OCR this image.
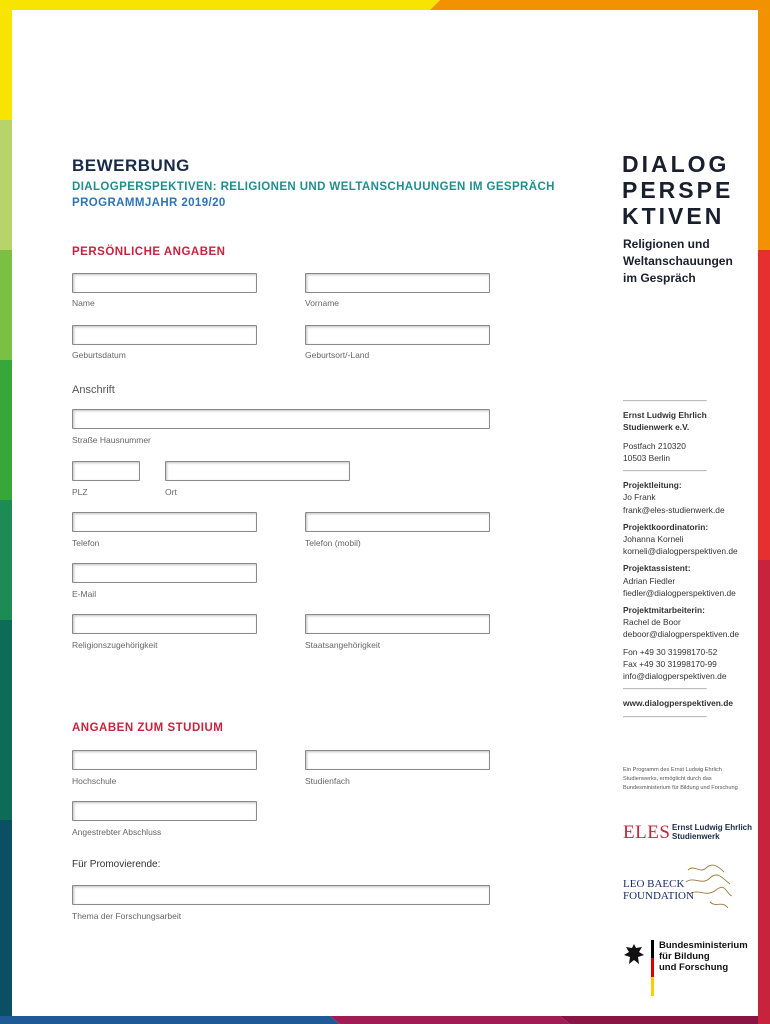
BEWERBUNG
DIALOGPERSPEKTIVEN: RELIGIONEN UND WELTANSCHAUUNGEN IM GESPRÄCH
PROGRAMMJAHR 2019/20
DIALOG
PERSPE
KTIVEN
Religionen und
Weltanschauungen
im Gespräch
PERSÖNLICHE ANGABEN
Name	Vorname
Geburtsdatum	Geburtsort/-Land
Anschrift
Straße Hausnummer
PLZ	Ort
Telefon	Telefon (mobil)
E-Mail
Religionszugehörigkeit	Staatsangehörigkeit
ANGABEN ZUM STUDIUM
Hochschule	Studienfach
Angestrebter Abschluss
Für Promovierende:
Thema der Forschungsarbeit
——————————
Ernst Ludwig Ehrlich
Studienwerk e.V.
Postfach 210320
10503 Berlin
——————————
Projektleitung:
Jo Frank
frank@eles-studienwerk.de
Projektkoordinatorin:
Johanna Korneli
korneli@dialogperspektiven.de
Projektassistent:
Adrian Fiedler
fiedler@dialogperspektiven.de
Projektmitarbeiterin:
Rachel de Boor
deboor@dialogperspektiven.de
Fon +49 30 31998170-52
Fax +49 30 31998170-99
info@dialogperspektiven.de
——————————
www.dialogperspektiven.de
——————————
Ein Programm des Ernst Ludwig Ehrlich
Studienwerks, ermöglicht durch das
Bundesministerium für Bildung und Forschung
ELES Ernst Ludwig Ehrlich
Studienwerk
LEO BAECK
FOUNDATION
Bundesministerium
für Bildung
und Forschung
